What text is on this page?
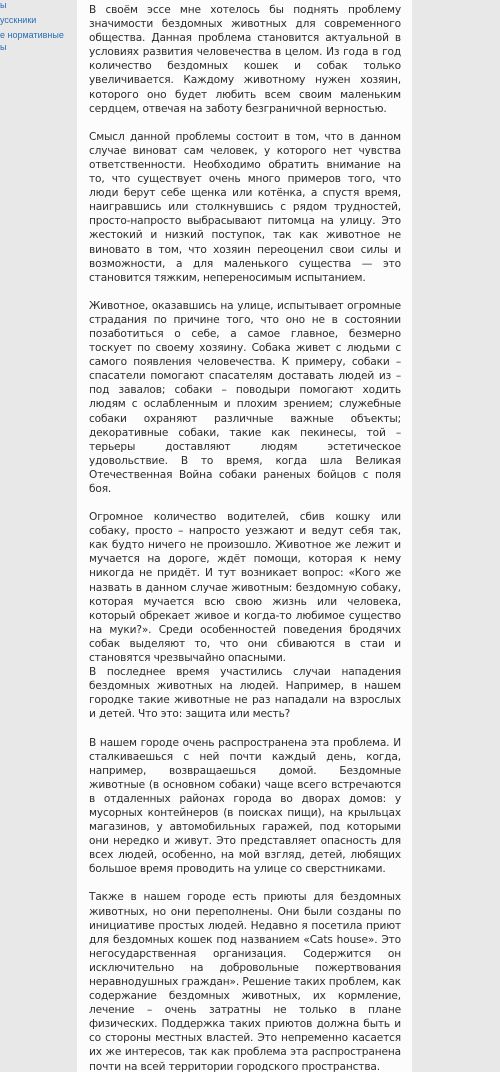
ы
усскники
е нормативные
ы

В своём эссе мне хотелось бы поднять проблему значимости бездомных животных для современного общества. Данная проблема становится актуальной в условиях развития человечества в целом. Из года в год количество бездомных кошек и собак только увеличивается. Каждому животному нужен хозяин, которого оно будет любить всем своим маленьким сердцем, отвечая на заботу безграничной верностью.

Смысл данной проблемы состоит в том, что в данном случае виноват сам человек, у которого нет чувства ответственности. Необходимо обратить внимание на то, что существует очень много примеров того, что люди берут себе щенка или котёнка, а спустя время, наигравшись или столкнувшись с рядом трудностей, просто-напросто выбрасывают питомца на улицу. Это жестокий и низкий поступок, так как животное не виновато в том, что хозяин переоценил свои силы и возможности, а для маленького существа — это становится тяжким, неперенoсимым испытанием.

Животное, оказавшись на улице, испытывает огромные страдания по причине того, что оно не в состоянии позаботиться о себе, а самое главное, безмерно тоскует по своему хозяину. Собака живет с людьми с самого появления человечества. К примеру, собаки – спасатели помогают спасателям доставать людей из – под завалов; собаки – поводыри помогают ходить людям с ослабленным и плохим зрением; служебные собаки охраняют различные важные объекты; декоративные собаки, такие как пекинесы, той – терьеры доставляют людям эстетическое удовольствие. В то время, когда шла Великая Отечественная Война собаки раненых бойцов с поля боя.

Огромное количество водителей, сбив кошку или собаку, просто – напросто уезжают и ведут себя так, как будто ничего не произошло. Животное же лежит и мучается на дороге, ждёт помощи, которая к нему никогда не придёт. И тут возникает вопрос: «Кого же назвать в данном случае животным: бездомную собаку, которая мучается всю свою жизнь или человека, который обрекает живое и когда-то любимое существо на муки?». Среди особенностей поведения бродячих собак выделяют то, что они сбиваются в стаи и становятся чрезвычайно опасными.

В последнее время участились случаи нападения бездомных животных на людей. Например, в нашем городке такие животные не раз нападали на взрослых и детей. Что это: защита или месть?

В нашем городе очень распространена эта проблема. И сталкиваешься с ней почти каждый день, когда, например, возвращаешься домой. Бездомные животные (в основном собаки) чаще всего встречаются в отдаленных районах города во дворах домов: у мусорных контейнеров (в поисках пищи), на крыльцах магазинов, у автомобильных гаражей, под которыми они нередко и живут. Это представляет опасность для всех людей, особенно, на мой взгляд, детей, любящих большое время проводить на улице со сверстниками.

Также в нашем городе есть приюты для бездомных животных, но они переполнены. Они были созданы по инициативе простых людей. Недавно я посетила приют для бездомных кошек под названием «Cats house». Это негосударственная организация. Содержится он исключительно на добровольные пожертвования неравнодушных граждан». Решение таких проблем, как содержание бездомных животных, их кормление, лечение – очень затратны не только в плане физических. Поддержка таких приютов должна быть и со стороны местных властей. Это непременно касается их же интересов, так как проблема эта распространена почти на всей территории городского пространства.
